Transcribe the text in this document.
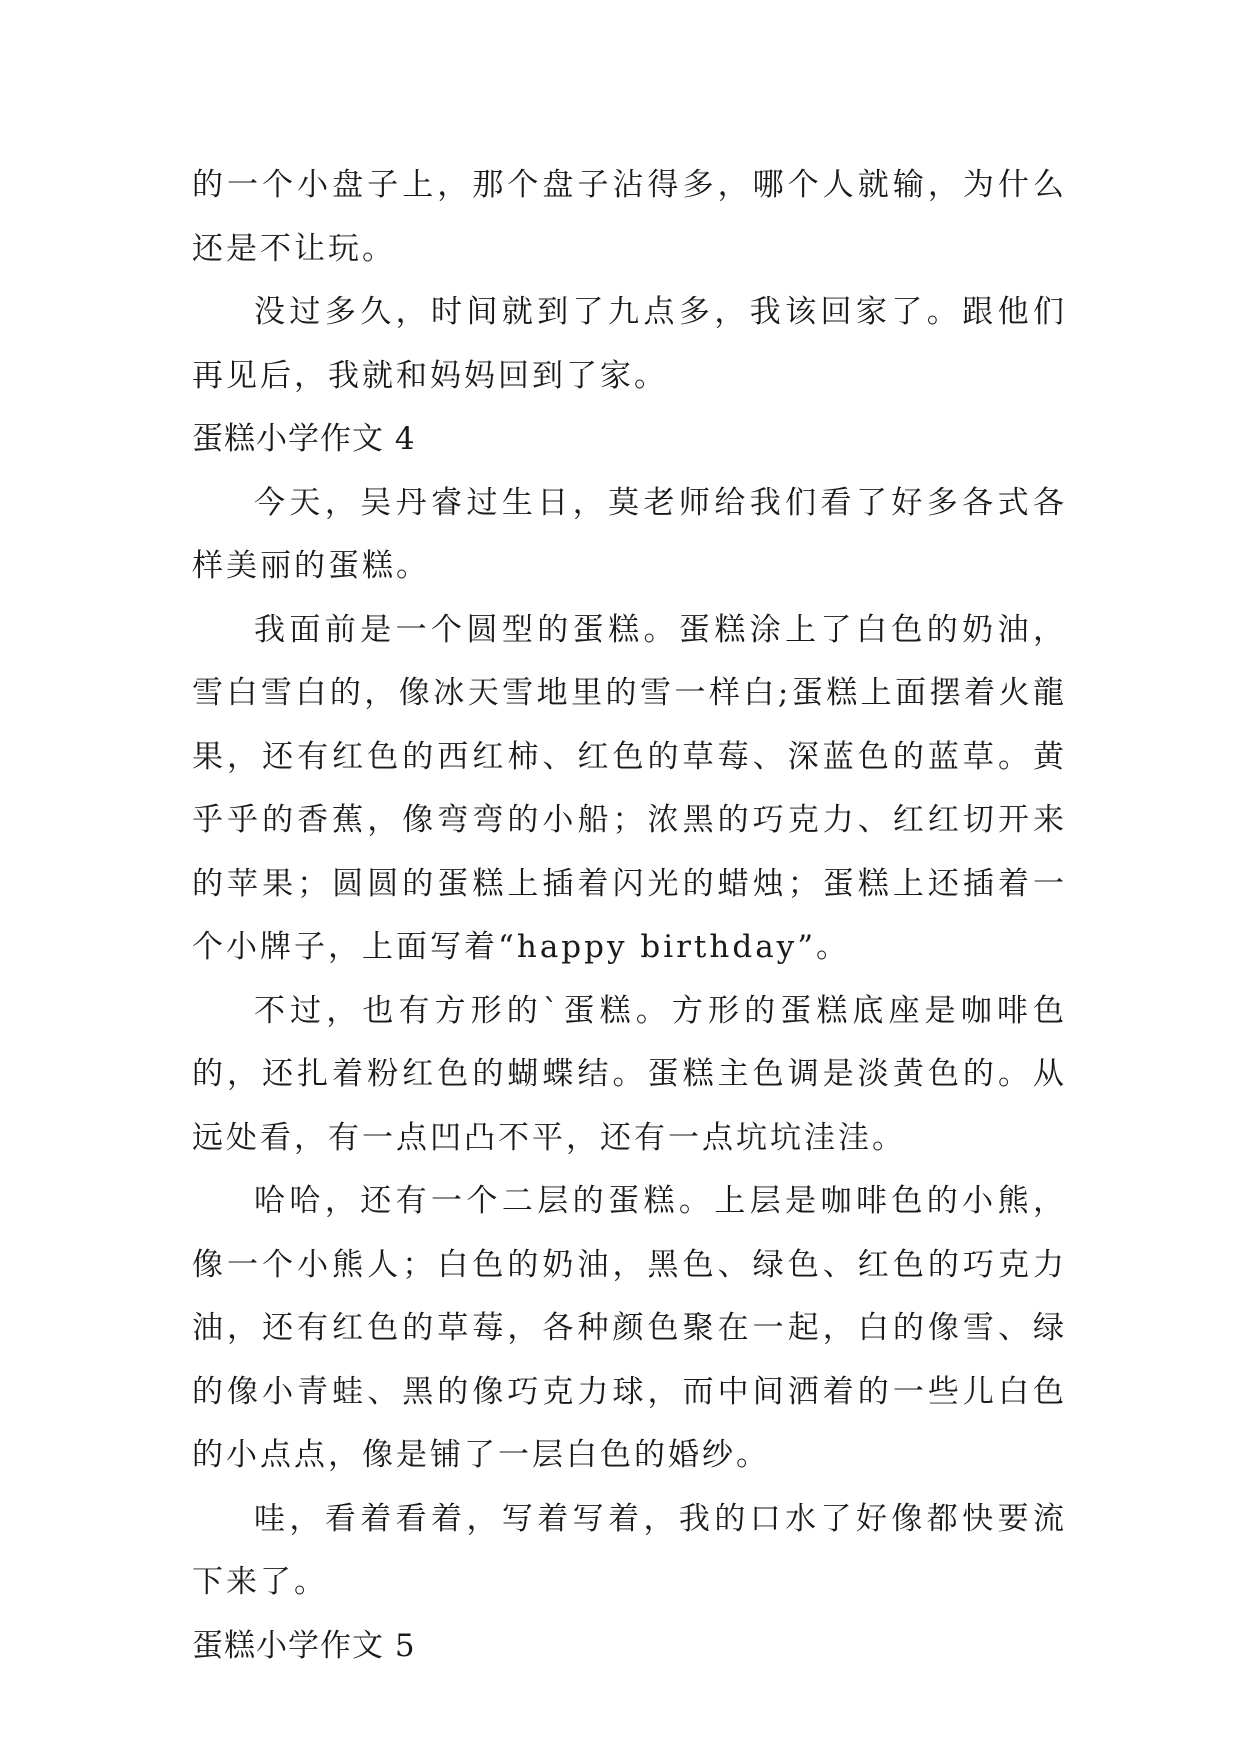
的一个小盘子上，那个盘子沾得多，哪个人就输，为什么还是不让玩。

没过多久，时间就到了九点多，我该回家了。跟他们再见后，我就和妈妈回到了家。

蛋糕小学作文 4

今天，吴丹睿过生日，莫老师给我们看了好多各式各样美丽的蛋糕。

我面前是一个圆型的蛋糕。蛋糕涂上了白色的奶油，雪白雪白的，像冰天雪地里的雪一样白;蛋糕上面摆着火龍果，还有红色的西红柿、红色的草莓、深蓝色的蓝草。黄乎乎的香蕉，像弯弯的小船；浓黑的巧克力、红红切开来的苹果；圆圆的蛋糕上插着闪光的蜡烛；蛋糕上还插着一个小牌子，上面写着“happy birthday”。

不过，也有方形的`蛋糕。方形的蛋糕底座是咖啡色的，还扎着粉红色的蝴蝶结。蛋糕主色调是淡黄色的。从远处看，有一点凹凸不平，还有一点坑坑洼洼。

哈哈，还有一个二层的蛋糕。上层是咖啡色的小熊，像一个小熊人；白色的奶油，黑色、绿色、红色的巧克力油，还有红色的草莓，各种颜色聚在一起，白的像雪、绿的像小青蛙、黑的像巧克力球，而中间洒着的一些儿白色的小点点，像是铺了一层白色的婚纱。

哇，看着看着，写着写着，我的口水了好像都快要流下来了。

蛋糕小学作文 5
